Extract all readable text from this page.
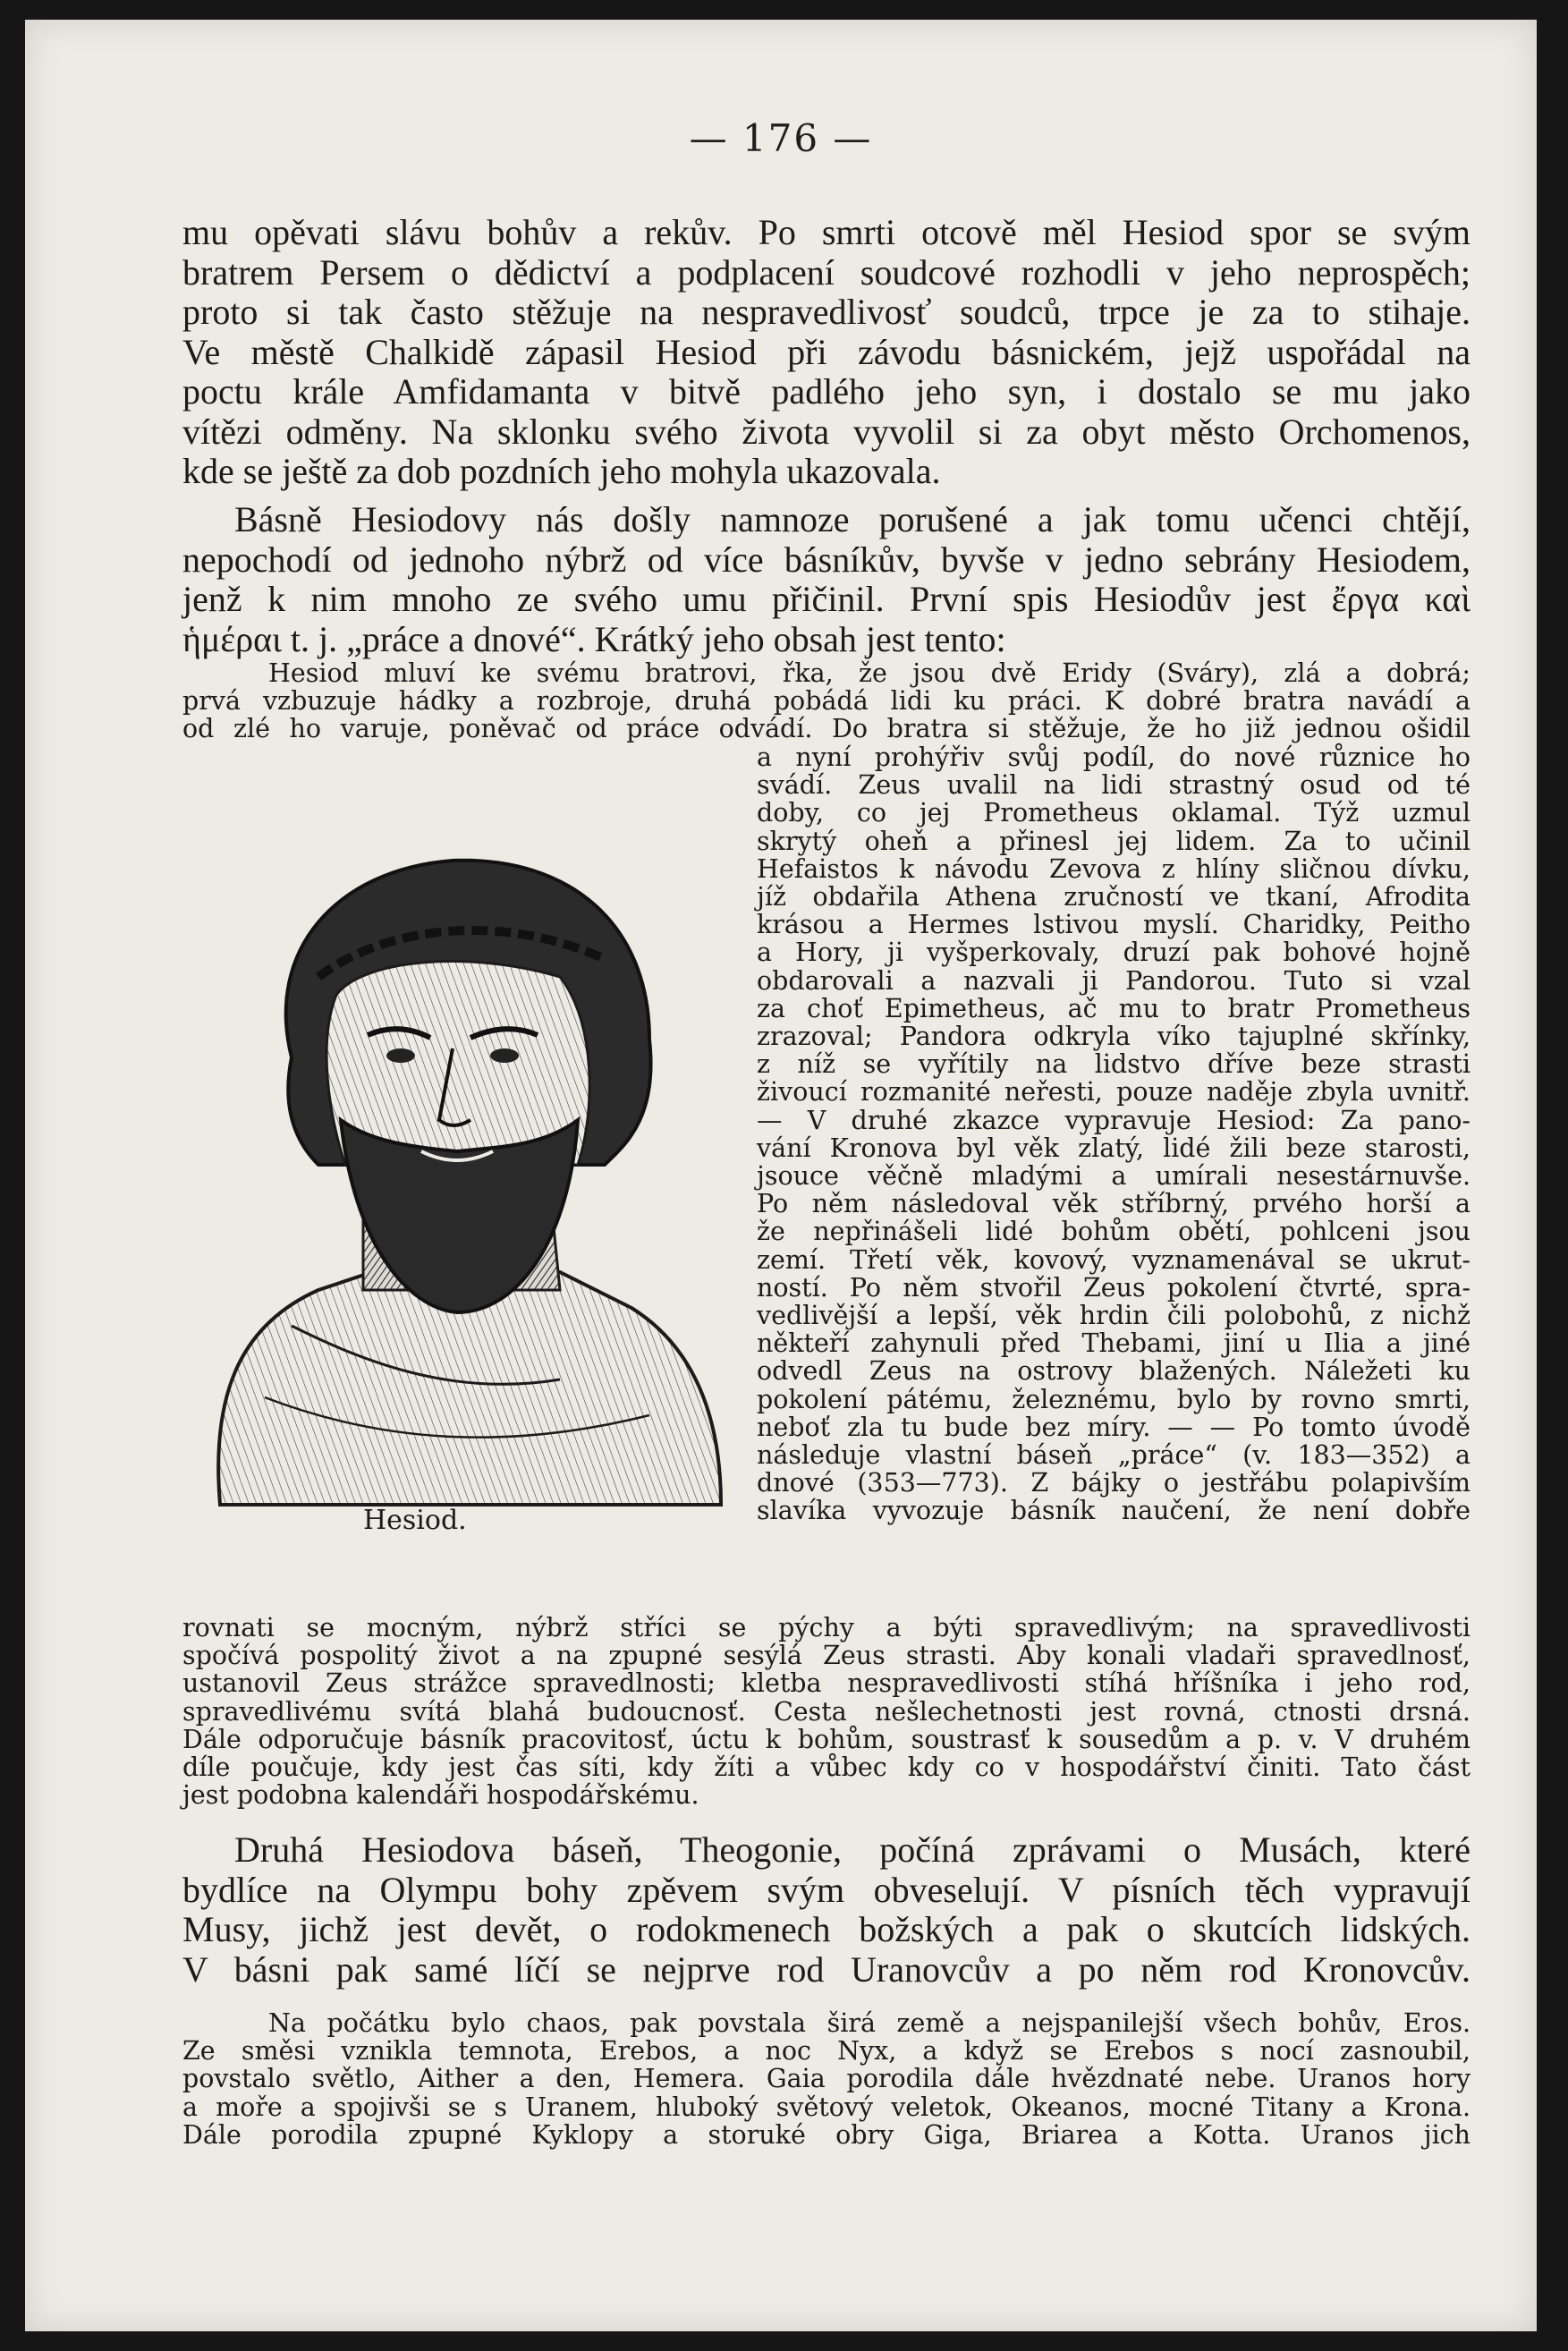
— 176 —
mu opěvati slávu bohův a rekův. Po smrti otcově měl Hesiod spor se svým
bratrem Persem o dědictví a podplacení soudcové rozhodli v jeho neprospěch;
proto si tak často stěžuje na nespravedlivosť soudců, trpce je za to stihaje.
Ve městě Chalkidě zápasil Hesiod při závodu básnickém, jejž uspořádal na
poctu krále Amfidamanta v bitvě padlého jeho syn, i dostalo se mu jako
vítězi odměny. Na sklonku svého života vyvolil si za obyt město Orchomenos,
kde se ještě za dob pozdních jeho mohyla ukazovala.
Básně Hesiodovy nás došly namnoze porušené a jak tomu učenci chtějí,
nepochodí od jednoho nýbrž od více básníkův, byvše v jedno sebrány Hesiodem,
jenž k nim mnoho ze svého umu přičinil. První spis Hesiodův jest ἔργα καὶ
ἡμέραι t. j. „práce a dnové“. Krátký jeho obsah jest tento:
Hesiod mluví ke svému bratrovi, řka, že jsou dvě Eridy (Sváry), zlá a dobrá;
prvá vzbuzuje hádky a rozbroje, druhá pobádá lidi ku práci. K dobré bratra navádí a
od zlé ho varuje, poněvač od práce odvádí. Do bratra si stěžuje, že ho již jednou ošidil
a nyní prohýřiv svůj podíl, do nové různice ho
svádí. Zeus uvalil na lidi strastný osud od té
doby, co jej Prometheus oklamal. Týž uzmul
skrytý oheň a přinesl jej lidem. Za to učinil
Hefaistos k návodu Zevova z hlíny sličnou dívku,
jíž obdařila Athena zručností ve tkaní, Afrodita
krásou a Hermes lstivou myslí. Charidky, Peitho
a Hory, ji vyšperkovaly, druzí pak bohové hojně
obdarovali a nazvali ji Pandorou. Tuto si vzal
za choť Epimetheus, ač mu to bratr Prometheus
zrazoval; Pandora odkryla víko tajuplné skřínky,
z níž se vyřítily na lidstvo dříve beze strasti
živoucí rozmanité neřesti, pouze naděje zbyla uvnitř.
— V druhé zkazce vypravuje Hesiod: Za pano-
vání Kronova byl věk zlatý, lidé žili beze starosti,
jsouce věčně mladými a umírali nesestárnuvše.
Po něm následoval věk stříbrný, prvého horší a
že nepřinášeli lidé bohům obětí, pohlceni jsou
zemí. Třetí věk, kovový, vyznamenával se ukrut-
ností. Po něm stvořil Zeus pokolení čtvrté, spra-
vedlivější a lepší, věk hrdin čili polobohů, z nichž
někteří zahynuli před Thebami, jiní u Ilia a jiné
odvedl Zeus na ostrovy blažených. Náležeti ku
pokolení pátému, železnému, bylo by rovno smrti,
neboť zla tu bude bez míry. — — Po tomto úvodě
následuje vlastní báseň „práce“ (v. 183—352) a
dnové (353—773). Z bájky o jestřábu polapivším
slavíka vyvozuje básník naučení, že není dobře
Hesiod.
rovnati se mocným, nýbrž stříci se pýchy a býti spravedlivým; na spravedlivosti
spočívá pospolitý život a na zpupné sesýlá Zeus strasti. Aby konali vladaři spravedlnosť,
ustanovil Zeus strážce spravedlnosti; kletba nespravedlivosti stíhá hříšníka i jeho rod,
spravedlivému svítá blahá budoucnosť. Cesta nešlechetnosti jest rovná, ctnosti drsná.
Dále odporučuje básník pracovitosť, úctu k bohům, soustrasť k sousedům a p. v. V druhém
díle poučuje, kdy jest čas síti, kdy žíti a vůbec kdy co v hospodářství činiti. Tato část
jest podobna kalendáři hospodářskému.
Druhá Hesiodova báseň, Theogonie, počíná zprávami o Musách, které
bydlíce na Olympu bohy zpěvem svým obveselují. V písních těch vypravují
Musy, jichž jest devět, o rodokmenech božských a pak o skutcích lidských.
V básni pak samé líčí se nejprve rod Uranovcův a po něm rod Kronovcův.
Na počátku bylo chaos, pak povstala širá země a nejspanilejší všech bohův, Eros.
Ze směsi vznikla temnota, Erebos, a noc Nyx, a když se Erebos s nocí zasnoubil,
povstalo světlo, Aither a den, Hemera. Gaia porodila dále hvězdnaté nebe. Uranos hory
a moře a spojivši se s Uranem, hluboký světový veletok, Okeanos, mocné Titany a Krona.
Dále porodila zpupné Kyklopy a storuké obry Giga, Briarea a Kotta. Uranos jich
